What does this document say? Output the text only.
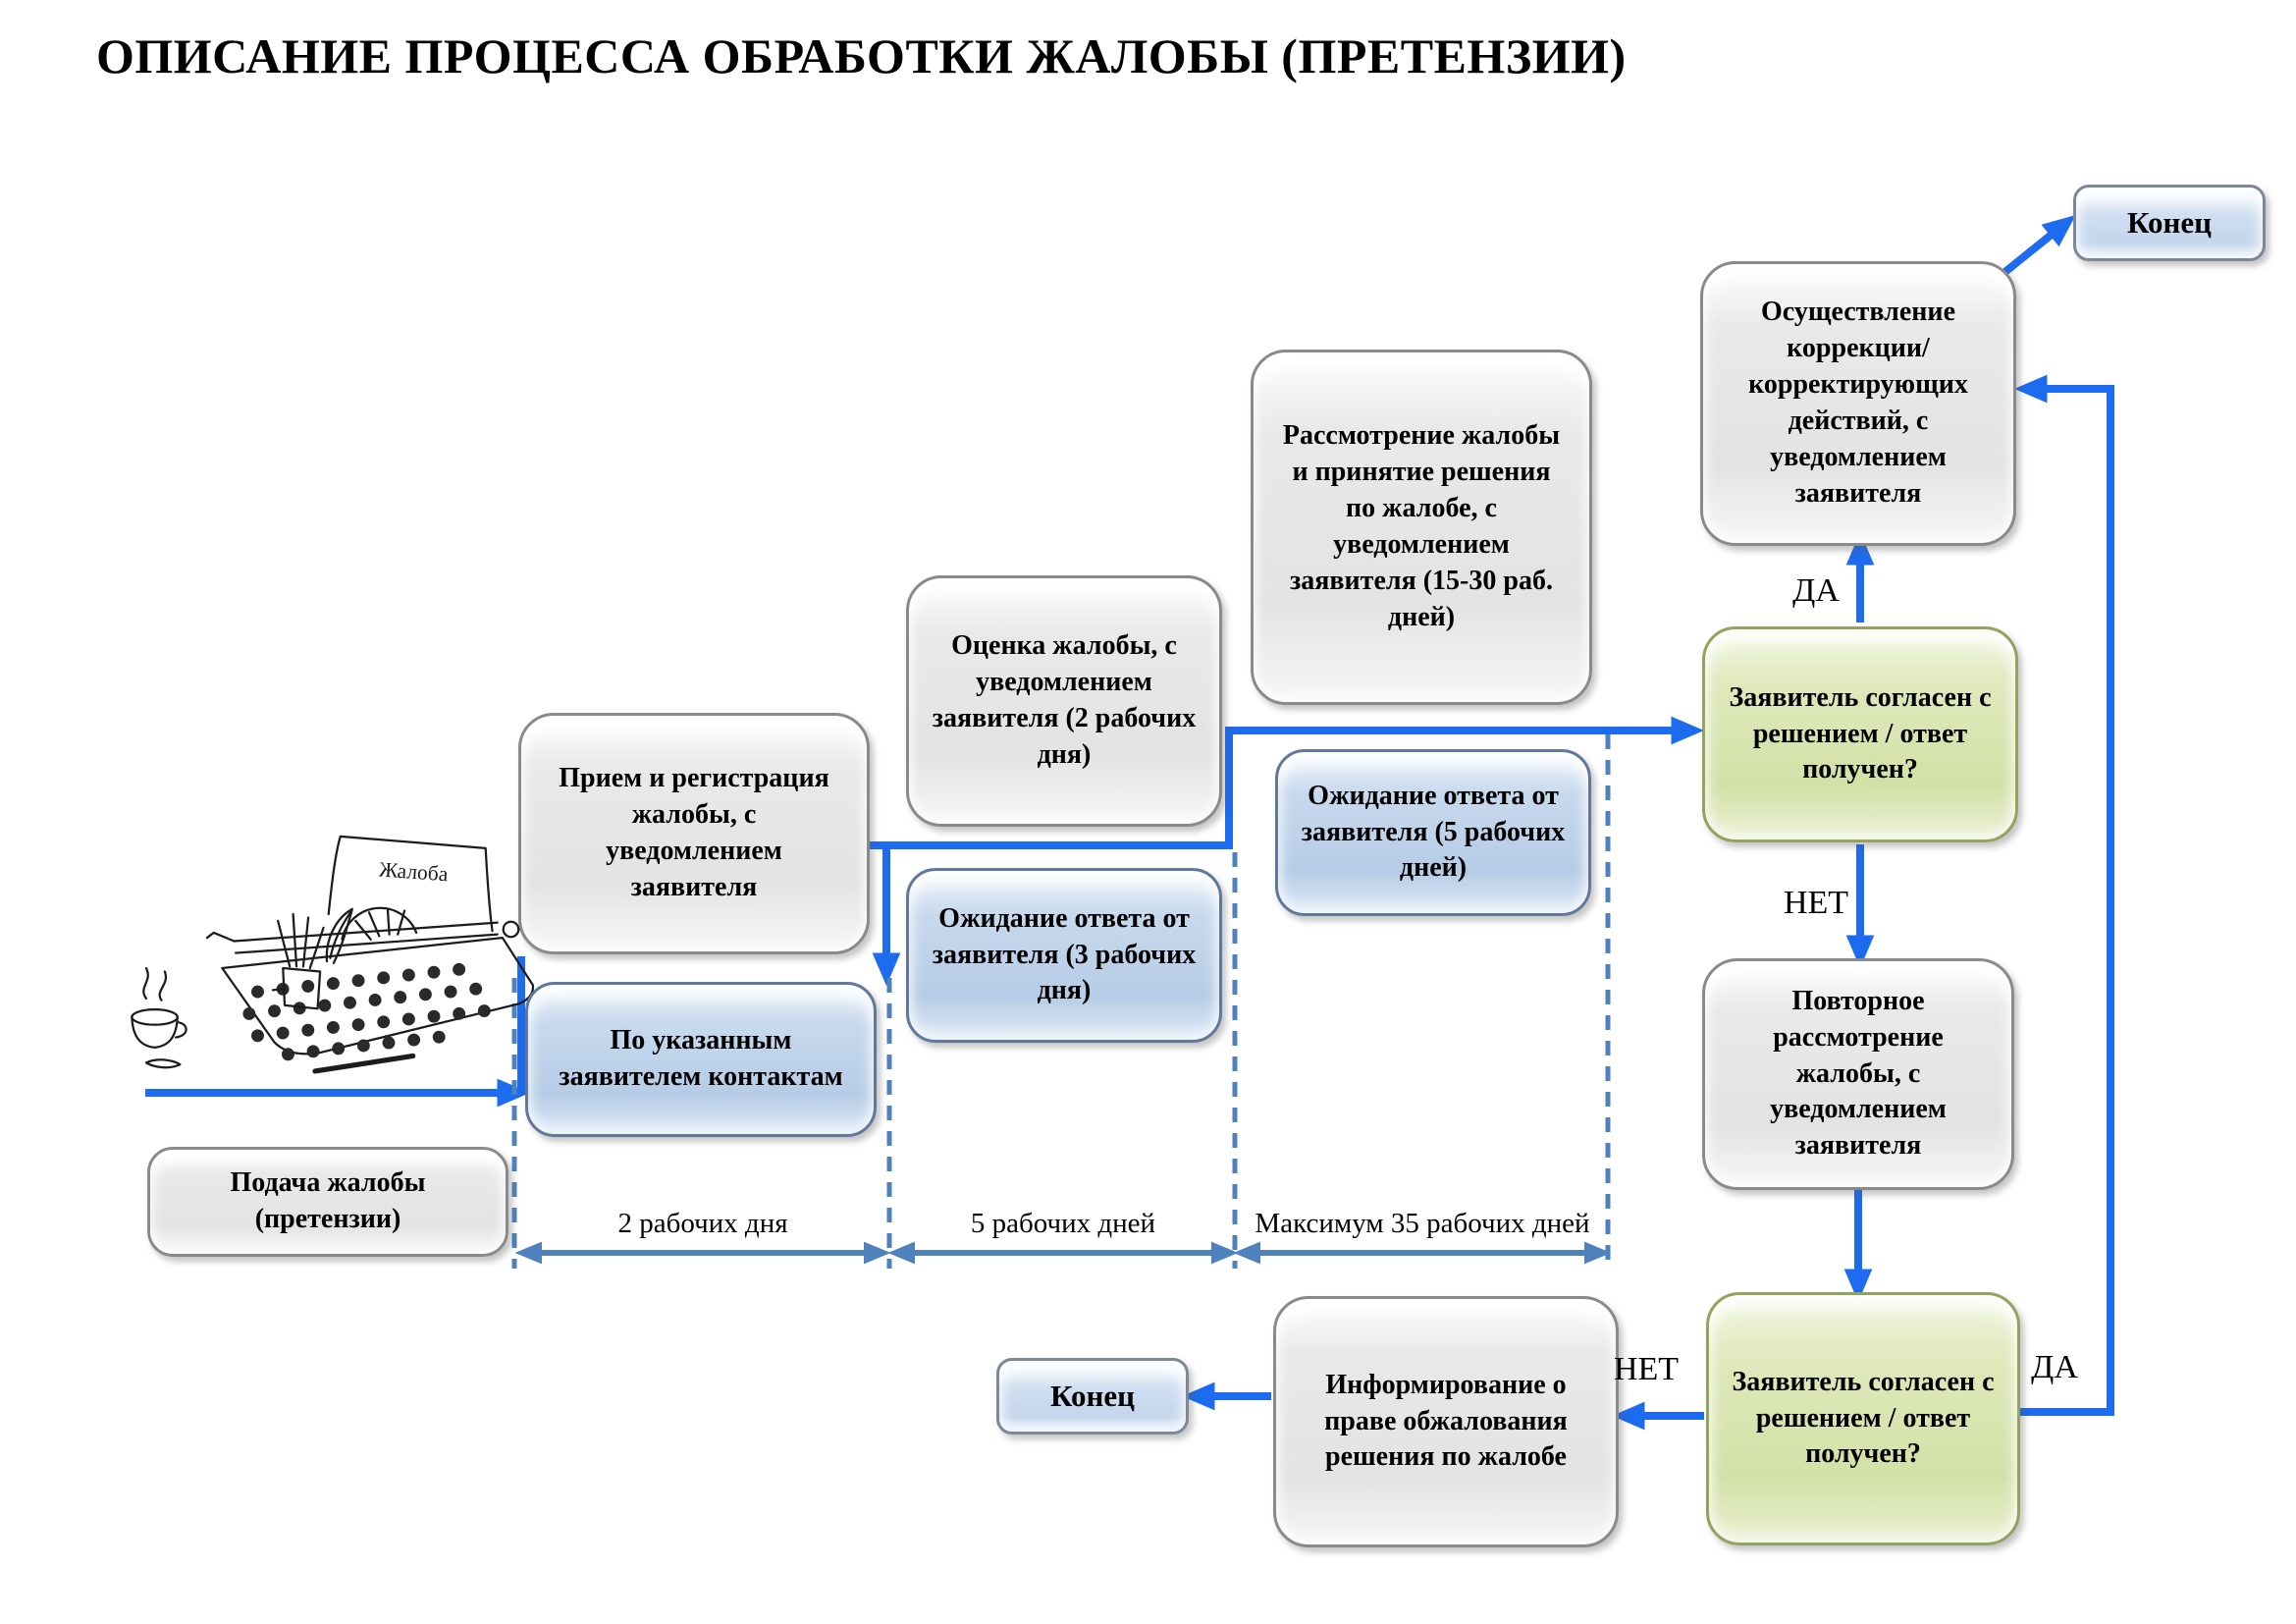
ОПИСАНИЕ ПРОЦЕССА ОБРАБОТКИ ЖАЛОБЫ (ПРЕТЕНЗИИ)
Жалоба
Подача жалобы (претензии)
Прием и регистрация жалобы, с уведомлением заявителя
По указанным заявителем контактам
Оценка жалобы, с уведомлением заявителя (2 рабочих дня)
Ожидание ответа от заявителя (3 рабочих дня)
Рассмотрение жалобы и принятие решения по жалобе, с уведомлением заявителя (15-30 раб. дней)
Ожидание ответа от заявителя (5 рабочих дней)
Осуществление коррекции/ корректирующих действий, с уведомлением заявителя
Заявитель согласен с решением / ответ получен?
Повторное рассмотрение жалобы, с уведомлением заявителя
Заявитель согласен с решением / ответ получен?
Информирование о праве обжалования решения по жалобе
Конец
Конец
ДА
НЕТ
НЕТ	ДА
2 рабочих дня	5 рабочих дней	Максимум 35 рабочих дней
